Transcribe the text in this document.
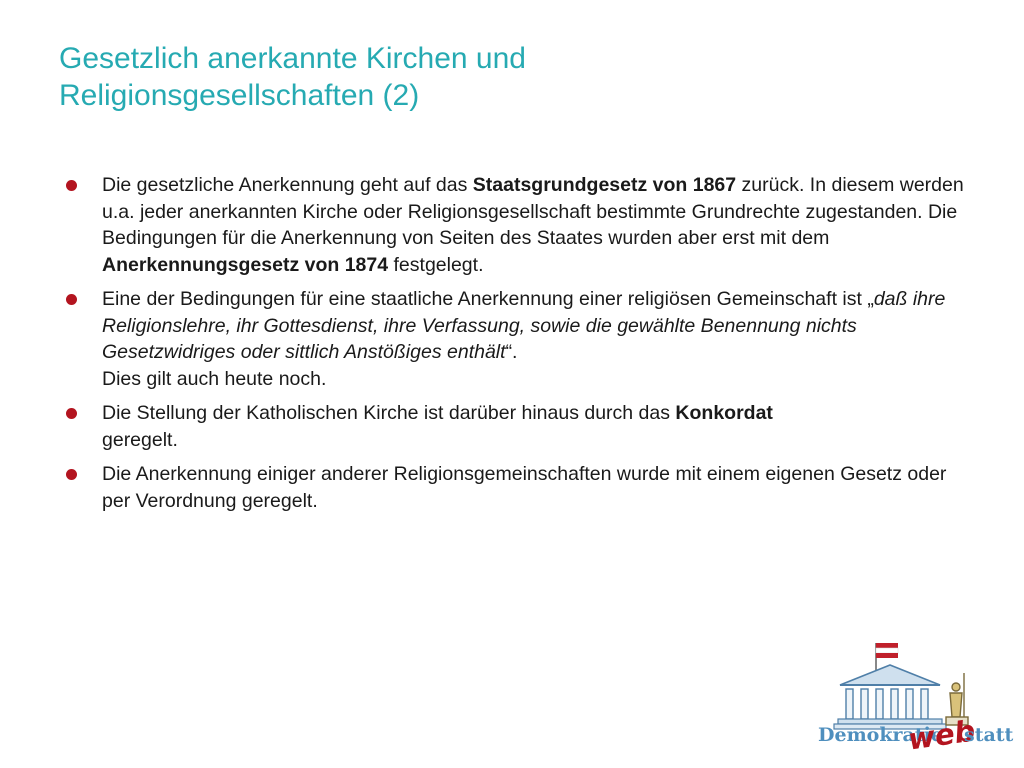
Gesetzlich anerkannte Kirchen und
Religionsgesellschaften (2)
Die gesetzliche Anerkennung geht auf das Staatsgrundgesetz von 1867 zurück. In diesem werden u.a. jeder anerkannten Kirche oder Religionsgesellschaft bestimmte Grundrechte zugestanden. Die Bedingungen für die Anerkennung von Seiten des Staates wurden aber erst mit dem Anerkennungsgesetz von 1874 festgelegt.
Eine der Bedingungen für eine staatliche Anerkennung einer religiösen Gemeinschaft ist „daß ihre Religionslehre, ihr Gottesdienst, ihre Verfassung, sowie die gewählte Benennung nichts Gesetzwidriges oder sittlich Anstößiges enthält“.
Dies gilt auch heute noch.
Die Stellung der Katholischen Kirche ist darüber hinaus durch das Konkordat
geregelt.
Die Anerkennung einiger anderer Religionsgemeinschaften wurde mit einem eigenen Gesetz oder per Verordnung geregelt.
Demokratie
web
statt
